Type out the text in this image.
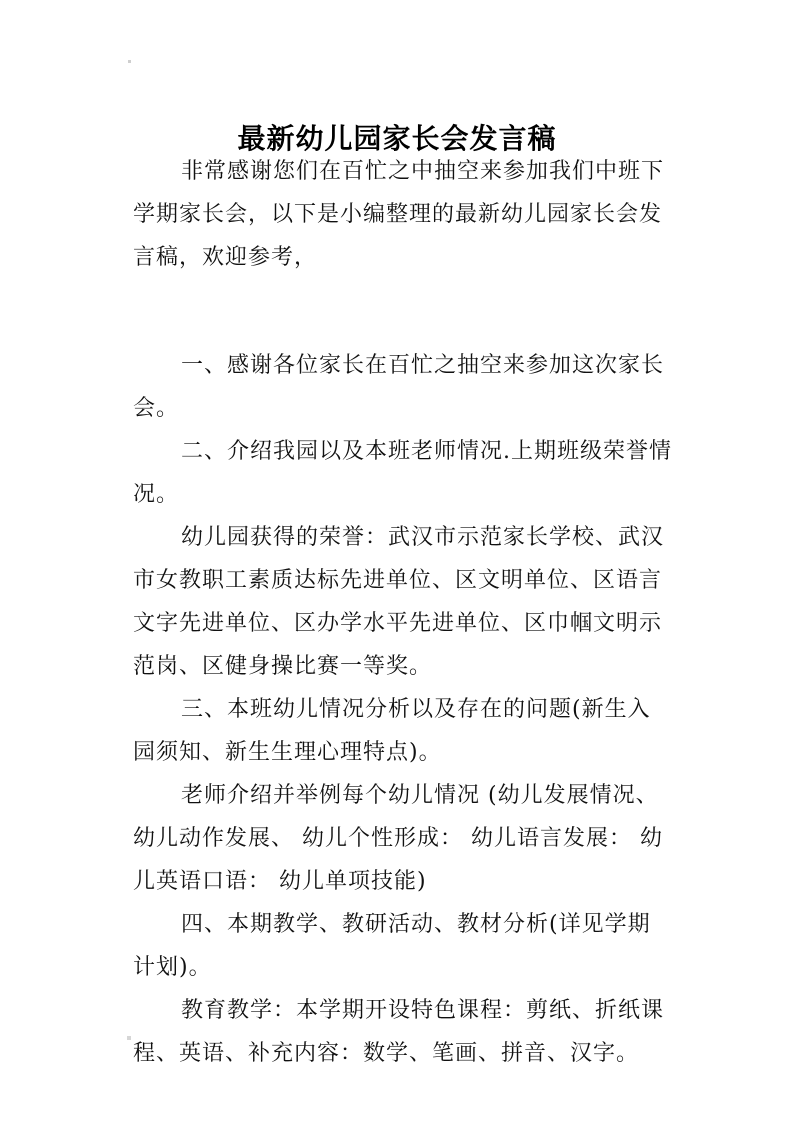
最新幼儿园家长会发言稿

非常感谢您们在百忙之中抽空来参加我们中班下学期家长会，以下是小编整理的最新幼儿园家长会发言稿，欢迎参考，

一、感谢各位家长在百忙之抽空来参加这次家长会。

二、介绍我园以及本班老师情况.上期班级荣誉情况。

幼儿园获得的荣誉：武汉市示范家长学校、武汉市女教职工素质达标先进单位、区文明单位、区语言文字先进单位、区办学水平先进单位、区巾帼文明示范岗、区健身操比赛一等奖。

三、本班幼儿情况分析以及存在的问题(新生入园须知、新生生理心理特点)。

老师介绍并举例每个幼儿情况 (幼儿发展情况、幼儿动作发展、 幼儿个性形成： 幼儿语言发展： 幼儿英语口语： 幼儿单项技能)

四、本期教学、教研活动、教材分析(详见学期计划)。

教育教学：本学期开设特色课程：剪纸、折纸课程、英语、补充内容：数学、笔画、拼音、汉字。
